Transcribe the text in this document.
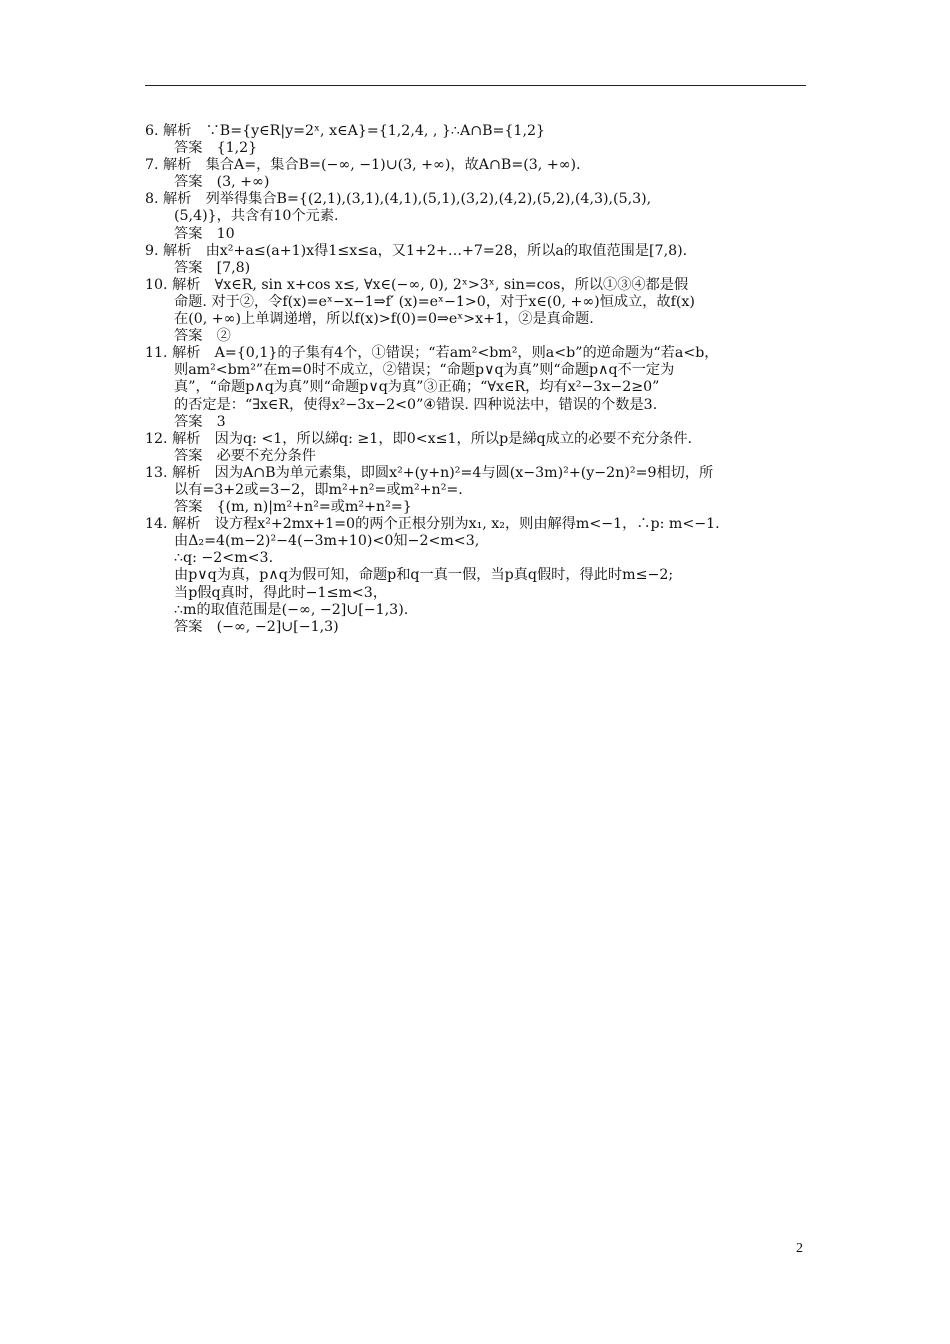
6. 解析　∵B={y∈R|y=2ˣ, x∈A}={1,2,4, , }∴A∩B={1,2}
答案　{1,2}
7. 解析　集合A=，集合B=(−∞, −1)∪(3, +∞)，故A∩B=(3, +∞).
答案　(3, +∞)
8. 解析　列举得集合B={(2,1),(3,1),(4,1),(5,1),(3,2),(4,2),(5,2),(4,3),(5,3),
(5,4)}，共含有10个元素.
答案　10
9. 解析　由x²+a≤(a+1)x得1≤x≤a，又1+2+…+7=28，所以a的取值范围是[7,8).
答案　[7,8)
10. 解析　∀x∈R, sin x+cos x≤, ∀x∈(−∞, 0), 2ˣ>3ˣ, sin=cos，所以①③④都是假
命题. 对于②，令f(x)=eˣ−x−1⇒f′ (x)=eˣ−1>0，对于x∈(0, +∞)恒成立，故f(x)
在(0, +∞)上单调递增，所以f(x)>f(0)=0⇒eˣ>x+1，②是真命题.
答案　②
11. 解析　A={0,1}的子集有4个，①错误；“若am²<bm²，则a<b”的逆命题为“若a<b，
则am²<bm²”在m=0时不成立，②错误；“命题p∨q为真”则“命题p∧q不一定为
真”，“命题p∧q为真”则“命题p∨q为真”③正确；“∀x∈R，均有x²−3x−2≥0”
的否定是：“∃x∈R，使得x²−3x−2<0”④错误. 四种说法中，错误的个数是3.
答案　3
12. 解析　因为q: <1，所以綈q: ≥1，即0<x≤1，所以p是綈q成立的必要不充分条件.
答案　必要不充分条件
13. 解析　因为A∩B为单元素集，即圆x²+(y+n)²=4与圆(x−3m)²+(y−2n)²=9相切，所
以有=3+2或=3−2，即m²+n²=或m²+n²=.
答案　{(m, n)|m²+n²=或m²+n²=}
14. 解析　设方程x²+2mx+1=0的两个正根分别为x₁, x₂，则由解得m<−1，∴p: m<−1.
由Δ₂=4(m−2)²−4(−3m+10)<0知−2<m<3,
∴q: −2<m<3.
由p∨q为真，p∧q为假可知，命题p和q一真一假，当p真q假时，得此时m≤−2;
当p假q真时，得此时−1≤m<3，
∴m的取值范围是(−∞, −2]∪[−1,3).
答案　(−∞, −2]∪[−1,3)
2
